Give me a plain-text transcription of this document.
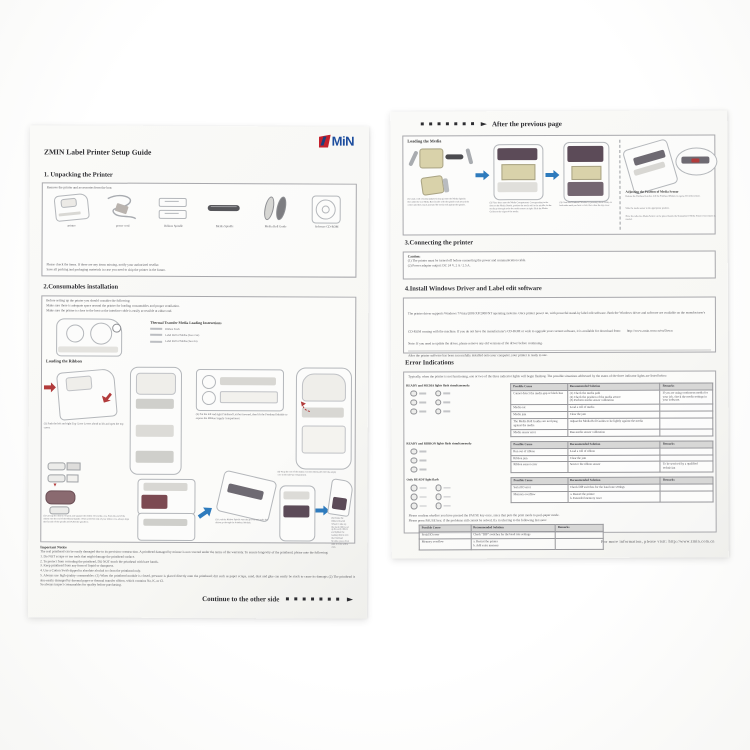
MiN
ZMIN Label Printer Setup Guide
1. Unpacking the Printer
Remove the printer and accessories from the box:
printer	power cord	Ribbon Spindle	Media Spindle	Media Roll Guide	Software CD-ROM
Please check the items. If there are any items missing, notify your authorized reseller.
Save all packing and packaging materials in case you need to ship the printer in the future.
2.Consumables installation
Before setting up the printer you should consider the following:
Make sure there is adequate space around the printer for loading consumables and proper ventilation.
Make sure the printer is close to the host so the interface cable is easily accessible at either end.
Thermal Transfer Media Loading Instructions
Ribbon Stock
Label Roll of Media (Face Out)
Label Roll of Media (Face In)
Loading the Ribbon
(1) Push the left and right Top Cover Levers ahead to lift and open the top cover.
(2) Put the left and right Printhead Latches forward, then lift the Printhead Module to expose the Ribbon Supply Compartment.
▼
(3) Unwrap the ribbon roll pack and separate the ribbon roll and the core. Stick the end of the ribbon onto the end of the Ribbon Spindle. When at the flat side of your ribbon core, always align the flat side of the spindle and PUSH the spindle in.
(5) Load the Ribbon Spindle onto the grooves and make the ribbon go through the Printhead Module.
(4) Wrap the rest of the ribbon over the ribbon path onto the empty core in the take-up compartment.
(6) Rotate the Ribbon Rewind Wheel to take up the slack ribbon, set up the early ribbon and tighten the leading ribbon onto the Printhead Module; press down until it locks with a click.
Important Notice
The real printhead can be easily damaged due to its precision construction. A printhead damaged by misuse is not covered under the terms of the warranty. To ensure longevity of the printhead, please note the following:
1. Do NOT scrape or use tools that might damage the printhead surface.
2. To protect from corroding the printhead, DO NOT touch the printhead with bare hands.
3. Keep printhead from any form of liquid or dampness.
4. Use a Cotton Swab dipped in absolute alcohol to clean the printhead only.
5. Always use high quality consumables: (1) When the printhead module is closed, pressure is placed directly onto the printhead; dirt such as paper scraps, sand, dust and glue can easily be stuck to cause its damage; (2) The printhead is also easily damaged by thermal paper or thermal transfer ribbon, which contains Na, K, or Cl.
So always inspect consumables for quality before purchasing.
Continue to the other side ▪ ▪ ▪ ▪ ▪ ▪ ▪ ►
▪ ▪ ▪ ▪ ▪ ▪ ▪ ► After the previous page
Loading the Media
(1) Load a roll of media (labels facing up) onto the Media Spindle; then slide the two Media Roll Guides with the spindle ends toward the center until they touch and hold the media roll against the spindle.
(2) Place them onto the Media Compartment. Corresponding to the slots on the Media Stands, position the media roll in the middle; let the media go through under the media sensor at sight. Slide the Media Guides to the edges of the media.
(3) Close the Printhead Module by pressing down firmly on both sides until you hear a click; then close the top cover.
Adjusting the Position of Media Sensor
Release the Printhead Latches. Lift the Printhead Module to expose the media sensor.
Slide the media sensor to the appropriate position.
Note: the reflective Media Sensor can be placed beside the Transmissive Media Sensor if movement is needed.
3.Connecting the printer
Caution:
(1) The printer must be turned off before connecting the power and communication cable.
(2) Power adapter output: DC 24 V, 2 A / 2.5 A.
4.Install Windows Driver and Label edit software
The printer driver supports Windows 7/Vista/2003/XP/2000/NT operating systems. Once printer power on, with powerful stand-by label edit software. Both the Windows driver and software are available on the manufacturer's CD-ROM coming with the machine. If you do not have the manufacturer's CD-ROM or wish to upgrade your current software, it is available for download from: http://www.zmin.com.cn/en/Down
Note: If you need to update the driver, please remove any old versions of the driver before continuing.
After the printer software has been successfully installed onto your computer, your printer is ready to use.
Error Indications
Typically, when the printer is not functioning, one or two of the three indicator lights will begin flashing. The possible situations addressed by the states of the three indicator lights are listed below.
READY and MEDIA lights flash simultaneously	Possible Cause	Recommended Solution	Remarks
Cannot detect the media gap or black line	(1) Check the media path
(2) Check the position of the media sensor
(3) Perform media sensor calibration	If you are using continuous media for your job, check the media settings in your software.
Media out	Load a roll of media	
Media jam	Clear the jam	
The Media Roll Guides are not lying against the media	Adjust the Media Roll Guides to lie lightly against the media	
Media sensor error	Run media sensor calibration	
READY and RIBBON lights flash simultaneously	Possible Cause	Recommended Solution	Remarks
Run out of ribbon	Load a roll of ribbon	
Ribbon jam	Clear the jam	
Ribbon sensor error	Service the ribbon sensor	To be serviced by a qualified technician
Only READY light flash	Possible Cause	Recommended Solution	Remarks
Serial IO error	Check DIP switches for the baud rate settings	
Memory overflow	a. Restart the printer
b. Extended memory reset	
Please confirm whether you have pressed the PAUSE key once, since that puts the print mode to peel-paper mode.
Please press PAUSE key; if the problems still cannot be solved, fix it referring to the following list soon:
Possible Cause	Recommended Solution	Remarks
Serial IO error	Check "DIP" switches for the baud rate settings	
Memory overflow	a. Restart the printer
b. Add extra memory	
For more information, please visit: http://www.zmin.com.cn
